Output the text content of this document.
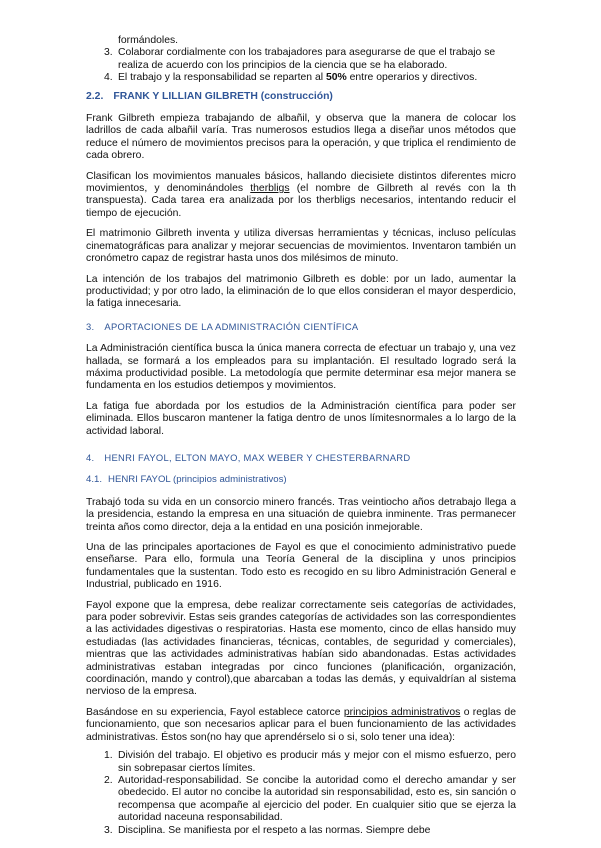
formándoles.

3. Colaborar cordialmente con los trabajadores para asegurarse de que el trabajo se realiza de acuerdo con los principios de la ciencia que se ha elaborado.
4. El trabajo y la responsabilidad se reparten al 50% entre operarios y directivos.
2.2. FRANK Y LILLIAN GILBRETH (construcción)

Frank Gilbreth empieza trabajando de albañil, y observa que la manera de colocar los ladrillos de cada albañil varía. Tras numerosos estudios llega a diseñar unos métodos que reduce el número de movimientos precisos para la operación, y que triplica el rendimiento de cada obrero.

Clasifican los movimientos manuales básicos, hallando diecisiete distintos diferentes micro movimientos, y denominándoles therbligs (el nombre de Gilbreth al revés con la th transpuesta). Cada tarea era analizada por los therbligs necesarios, intentando reducir el tiempo de ejecución.

El matrimonio Gilbreth inventa y utiliza diversas herramientas y técnicas, incluso películas cinematográficas para analizar y mejorar secuencias de movimientos. Inventaron también un cronómetro capaz de registrar hasta unos dos milésimos de minuto.

La intención de los trabajos del matrimonio Gilbreth es doble: por un lado, aumentar la productividad; y por otro lado, la eliminación de lo que ellos consideran el mayor desperdicio, la fatiga innecesaria.

3. APORTACIONES DE LA ADMINISTRACIÓN CIENTÍFICA

La Administración científica busca la única manera correcta de efectuar un trabajo y, una vez hallada, se formará a los empleados para su implantación. El resultado logrado será la máxima productividad posible. La metodología que permite determinar esa mejor manera se fundamenta en los estudios detiempos y movimientos.

La fatiga fue abordada por los estudios de la Administración científica para poder ser eliminada. Ellos buscaron mantener la fatiga dentro de unos límitesnormales a lo largo de la actividad laboral.

4. HENRI FAYOL, ELTON MAYO, MAX WEBER Y CHESTERBARNARD
4.1. HENRI FAYOL (principios administrativos)

Trabajó toda su vida en un consorcio minero francés. Tras veintiocho años detrabajo llega a la presidencia, estando la empresa en una situación de quiebra inminente. Tras permanecer treinta años como director, deja a la entidad en una posición inmejorable.

Una de las principales aportaciones de Fayol es que el conocimiento administrativo puede enseñarse. Para ello, formula una Teoría General de la disciplina y unos principios fundamentales que la sustentan. Todo esto es recogido en su libro Administración General e Industrial, publicado en 1916.

Fayol expone que la empresa, debe realizar correctamente seis categorías de actividades, para poder sobrevivir. Estas seis grandes categorías de actividades son las correspondientes a las actividades digestivas o respiratorias. Hasta ese momento, cinco de ellas hansido muy estudiadas (las actividades financieras, técnicas, contables, de seguridad y comerciales), mientras que las actividades administrativas habían sido abandonadas. Estas actividades administrativas estaban integradas por cinco funciones (planificación, organización, coordinación, mando y control),que abarcaban a todas las demás, y equivaldrían al sistema nervioso de la empresa.

Basándose en su experiencia, Fayol establece catorce principios administrativos o reglas de funcionamiento, que son necesarios aplicar para el buen funcionamiento de las actividades administrativas. Éstos son(no hay que aprendérselo si o si, solo tener una idea):

1. División del trabajo. El objetivo es producir más y mejor con el mismo esfuerzo, pero sin sobrepasar ciertos límites.
2. Autoridad-responsabilidad. Se concibe la autoridad como el derecho amandar y ser obedecido. El autor no concibe la autoridad sin responsabilidad, esto es, sin sanción o recompensa que acompañe al ejercicio del poder. En cualquier sitio que se ejerza la autoridad naceuna responsabilidad.
3. Disciplina. Se manifiesta por el respeto a las normas. Siempre debe
